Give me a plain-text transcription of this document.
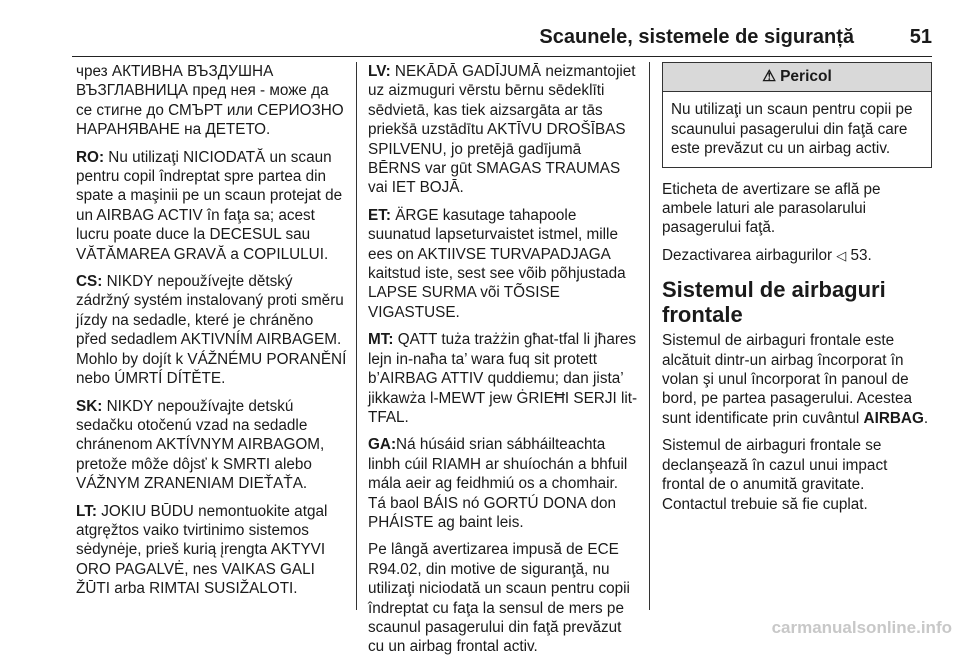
Scaunele, sistemele de siguranță	51

чрез АКТИВНА ВЪЗДУШНА ВЪЗГЛАВНИЦА пред нея - може да се стигне до СМЪРТ или СЕРИОЗНО НАРАНЯВАНЕ на ДЕТЕТО.

RO: Nu utilizaţi NICIODATĂ un scaun pentru copil îndreptat spre partea din spate a maşinii pe un scaun protejat de un AIRBAG ACTIV în faţa sa; acest lucru poate duce la DECESUL sau VĂTĂMAREA GRAVĂ a COPILULUI.

CS: NIKDY nepoužívejte dětský zádržný systém instalovaný proti směru jízdy na sedadle, které je chráněno před sedadlem AKTIVNÍM AIRBAGEM. Mohlo by dojít k VÁŽNÉMU PORANĚNÍ nebo ÚMRTÍ DÍTĚTE.

SK: NIKDY nepoužívajte detskú sedačku otočenú vzad na sedadle chránenom AKTÍVNYM AIRBAGOM, pretože môže dôjsť k SMRTI alebo VÁŽNYM ZRANENIAM DIEŤAŤA.

LT: JOKIU BŪDU nemontuokite atgal atgręžtos vaiko tvirtinimo sistemos sėdynėje, prieš kurią įrengta AKTYVI ORO PAGALVĖ, nes VAIKAS GALI ŽŪTI arba RIMTAI SUSIŽALOTI.

LV: NEKĀDĀ GADĪJUMĀ neizmantojiet uz aizmuguri vērstu bērnu sēdeklīti sēdvietā, kas tiek aizsargāta ar tās priekšā uzstādītu AKTĪVU DROŠĪBAS SPILVENU, jo pretējā gadījumā BĒRNS var gūt SMAGAS TRAUMAS vai IET BOJĀ.

ET: ÄRGE kasutage tahapoole suunatud lapseturvaistet istmel, mille ees on AKTIIVSE TURVAPADJAGA kaitstud iste, sest see võib põhjustada LAPSE SURMA või TÕSISE VIGASTUSE.

MT: QATT tuża trażżin għat-tfal li jħares lejn in-naħa ta’ wara fuq sit protett b’AIRBAG ATTIV quddiemu; dan jista’ jikkawża l-MEWT jew ĠRIEĦI SERJI lit-TFAL.

GA:Ná húsáid srian sábháilteachta linbh cúil RIAMH ar shuíochán a bhfuil mála aeir ag feidhmiú os a chomhair. Tá baol BÁIS nó GORTÚ DONA don PHÁISTE ag baint leis.

Pe lângă avertizarea impusă de ECE R94.02, din motive de siguranţă, nu utilizaţi niciodată un scaun pentru copii îndreptat cu faţa la sensul de mers pe scaunul pasagerului din faţă prevăzut cu un airbag frontal activ.

⚠ Pericol
Nu utilizaţi un scaun pentru copii pe scaunului pasagerului din faţă care este prevăzut cu un airbag activ.

Eticheta de avertizare se află pe ambele laturi ale parasolarului pasagerului faţă.

Dezactivarea airbagurilor ◁ 53.

Sistemul de airbaguri frontale

Sistemul de airbaguri frontale este alcătuit dintr-un airbag încorporat în volan şi unul încorporat în panoul de bord, pe partea pasagerului. Acestea sunt identificate prin cuvântul AIRBAG.

Sistemul de airbaguri frontale se declanşează în cazul unui impact frontal de o anumită gravitate. Contactul trebuie să fie cuplat.

carmanualsonline.info
